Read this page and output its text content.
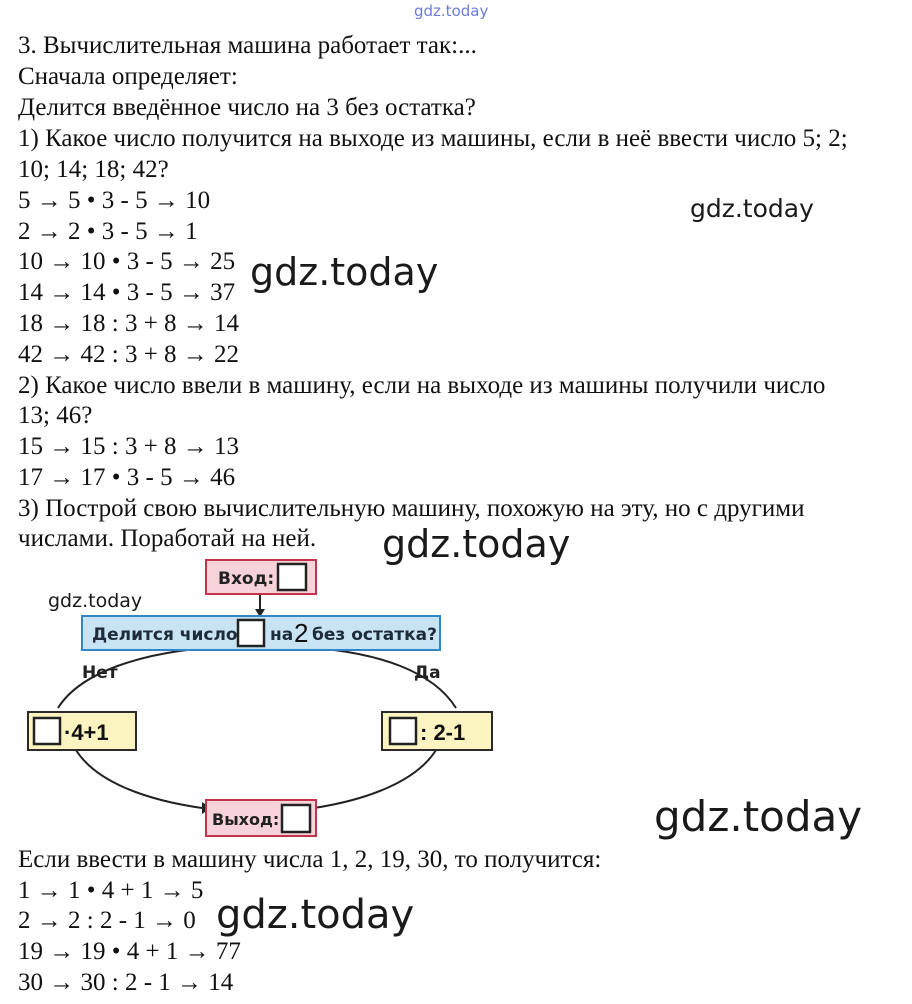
gdz.today
3. Вычислительная машина работает так:...
Сначала определяет:
Делится введённое число на 3 без остатка?
1) Какое число получится на выходе из машины, если в неё ввести число 5; 2;
10; 14; 18; 42?
5 → 5 • 3 - 5 → 10
2 → 2 • 3 - 5 → 1
10 → 10 • 3 - 5 → 25
14 → 14 • 3 - 5 → 37
18 → 18 : 3 + 8 → 14
42 → 42 : 3 + 8 → 22
2) Какое число ввели в машину, если на выходе из машины получили число
13; 46?
15 → 15 : 3 + 8 → 13
17 → 17 • 3 - 5 → 46
3) Построй свою вычислительную машину, похожую на эту, но с другими
числами. Поработай на ней.
Вход:
Делится число на 2 без остатка?
Нет	Да
·4+1	: 2-1
Выход:
Если ввести в машину числа 1, 2, 19, 30, то получится:
1 → 1 • 4 + 1 → 5
2 → 2 : 2 - 1 → 0
19 → 19 • 4 + 1 → 77
30 → 30 : 2 - 1 → 14
gdz.today
gdz.today
gdz.today
gdz.today
gdz.today
gdz.today
